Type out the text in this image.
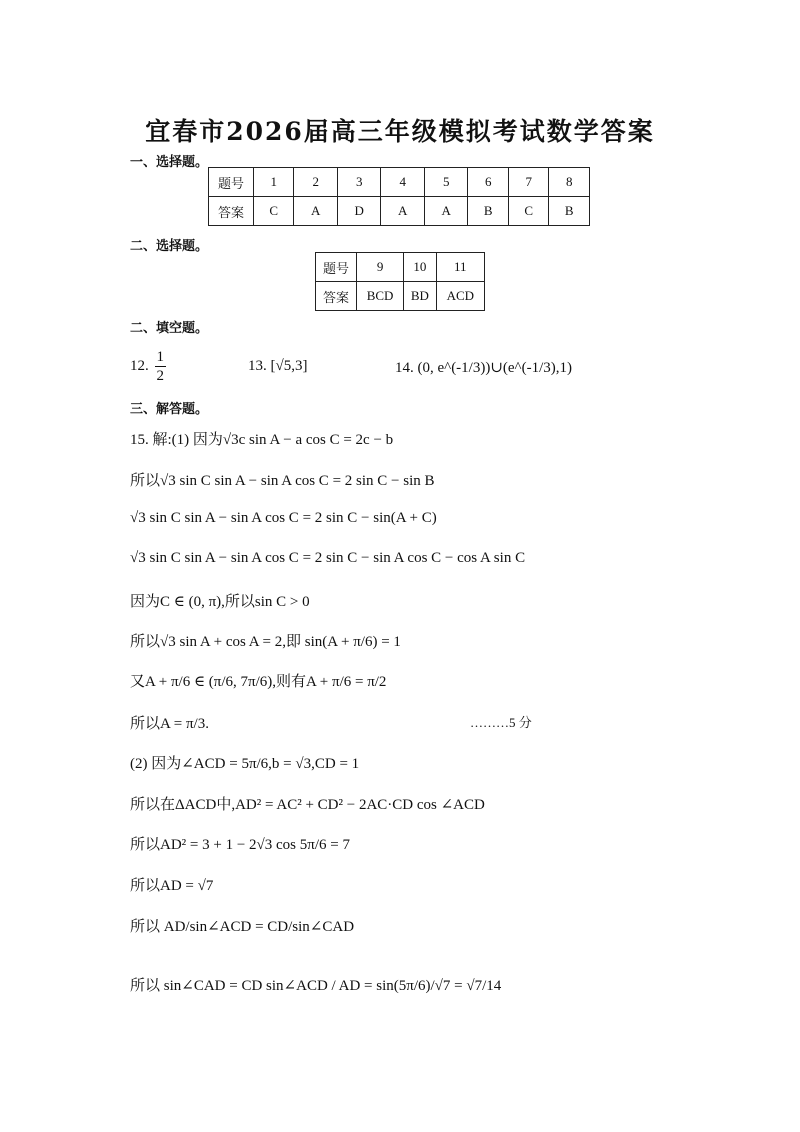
宜春市2026届高三年级模拟考试数学答案
一、选择题。
题号	1	2	3	4	5	6	7	8
答案	C	A	D	A	A	B	C	B
二、选择题。
题号	9	10	11
答案	BCD	BD	ACD
二、填空题。
12. $\frac{1}{2}$	13. [√5,3]	14. (0, e^(-1/3))∪(e^(-1/3),1)
三、解答题。
15. 解:(1) 因为√3c sin A − a cos C = 2c − b
所以√3 sin C sin A − sin A cos C = 2 sin C − sin B
√3 sin C sin A − sin A cos C = 2 sin C − sin(A + C)
√3 sin C sin A − sin A cos C = 2 sin C − sin A cos C − cos A sin C
因为C ∈ (0, π),所以sin C > 0
所以√3 sin A + cos A = 2,即 sin(A + π/6) = 1
又A + π/6 ∈ (π/6, 7π/6),则有A + π/6 = π/2
所以A = π/3.	………5 分
(2) 因为∠ACD = 5π/6,b = √3,CD = 1
所以在ΔACD中,AD² = AC² + CD² − 2AC·CD cos ∠ACD
所以AD² = 3 + 1 − 2√3 cos 5π/6 = 7
所以AD = √7
所以 AD/sin∠ACD = CD/sin∠CAD
所以 sin∠CAD = CD sin∠ACD / AD = sin(5π/6)/√7 = √7/14
